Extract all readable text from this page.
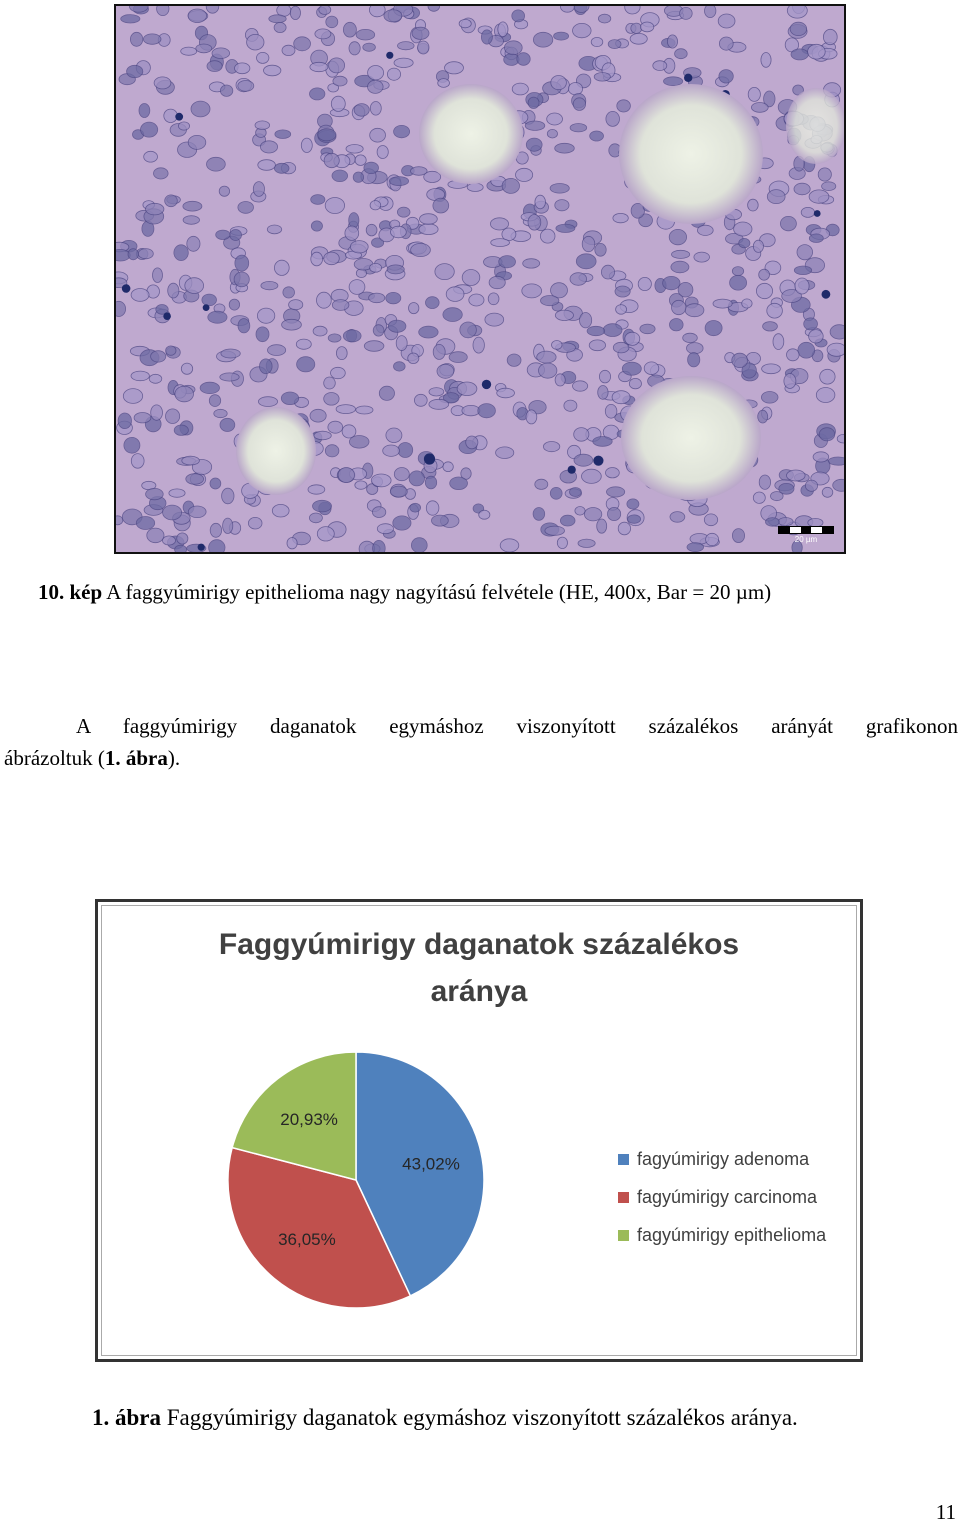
20 µm
10. kép A faggyúmirigy epithelioma nagy nagyítású felvétele (HE, 400x, Bar = 20 µm)
A faggyúmirigy daganatok egymáshoz viszonyított százalékos arányát grafikonon
ábrázoltuk (1. ábra).
Faggyúmirigy daganatok százalékos
aránya
43,02%
36,05%
20,93%
fagyúmirigy adenoma
fagyúmirigy carcinoma
fagyúmirigy epithelioma
1. ábra Faggyúmirigy daganatok egymáshoz viszonyított százalékos aránya.
11
